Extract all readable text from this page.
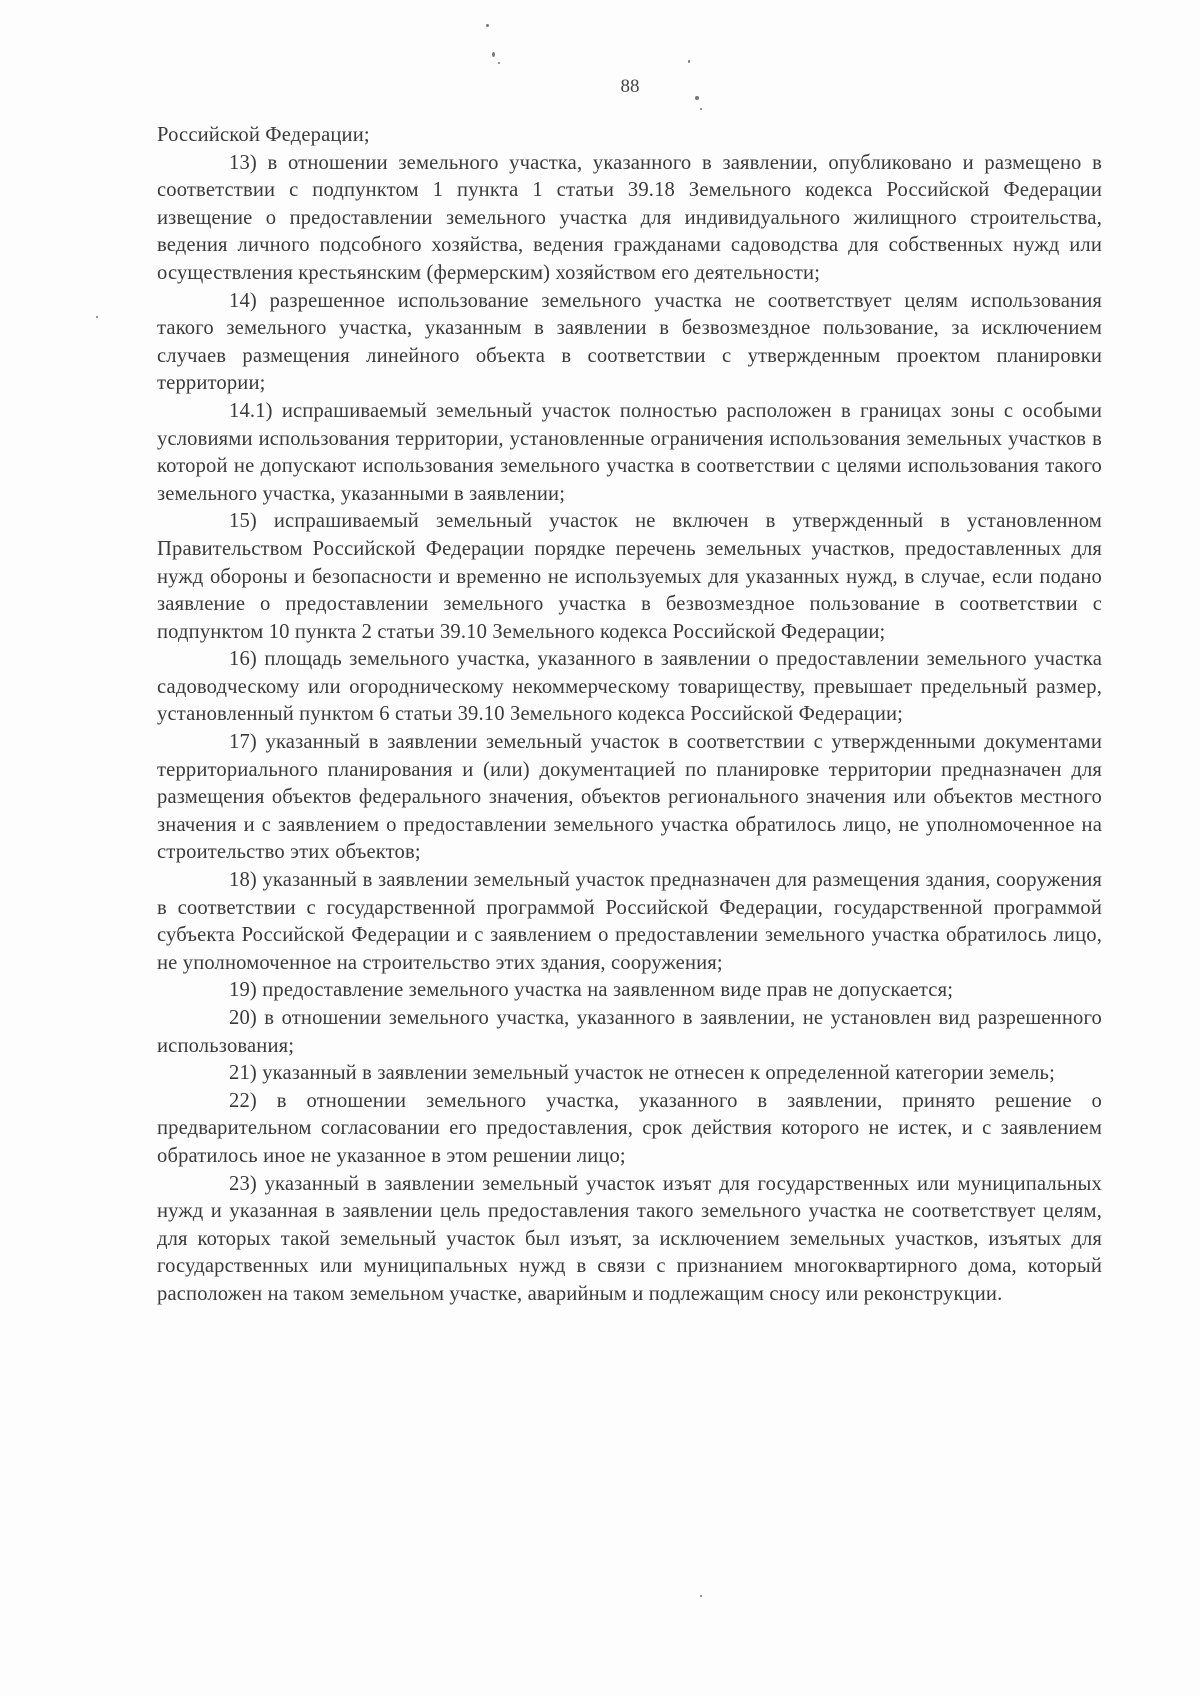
88

Российской Федерации;

13) в отношении земельного участка, указанного в заявлении, опубликовано и размещено в соответствии с подпунктом 1 пункта 1 статьи 39.18 Земельного кодекса Российской Федерации извещение о предоставлении земельного участка для индивидуального жилищного строительства, ведения личного подсобного хозяйства, ведения гражданами садоводства для собственных нужд или осуществления крестьянским (фермерским) хозяйством его деятельности;

14) разрешенное использование земельного участка не соответствует целям использования такого земельного участка, указанным в заявлении в безвозмездное пользование, за исключением случаев размещения линейного объекта в соответствии с утвержденным проектом планировки территории;

14.1) испрашиваемый земельный участок полностью расположен в границах зоны с особыми условиями использования территории, установленные ограничения использования земельных участков в которой не допускают использования земельного участка в соответствии с целями использования такого земельного участка, указанными в заявлении;

15) испрашиваемый земельный участок не включен в утвержденный в установленном Правительством Российской Федерации порядке перечень земельных участков, предоставленных для нужд обороны и безопасности и временно не используемых для указанных нужд, в случае, если подано заявление о предоставлении земельного участка в безвозмездное пользование в соответствии с подпунктом 10 пункта 2 статьи 39.10 Земельного кодекса Российской Федерации;

16) площадь земельного участка, указанного в заявлении о предоставлении земельного участка садоводческому или огородническому некоммерческому товариществу, превышает предельный размер, установленный пунктом 6 статьи 39.10 Земельного кодекса Российской Федерации;

17) указанный в заявлении земельный участок в соответствии с утвержденными документами территориального планирования и (или) документацией по планировке территории предназначен для размещения объектов федерального значения, объектов регионального значения или объектов местного значения и с заявлением о предоставлении земельного участка обратилось лицо, не уполномоченное на строительство этих объектов;

18) указанный в заявлении земельный участок предназначен для размещения здания, сооружения в соответствии с государственной программой Российской Федерации, государственной программой субъекта Российской Федерации и с заявлением о предоставлении земельного участка обратилось лицо, не уполномоченное на строительство этих здания, сооружения;

19) предоставление земельного участка на заявленном виде прав не допускается;

20) в отношении земельного участка, указанного в заявлении, не установлен вид разрешенного использования;

21) указанный в заявлении земельный участок не отнесен к определенной категории земель;

22) в отношении земельного участка, указанного в заявлении, принято решение о предварительном согласовании его предоставления, срок действия которого не истек, и с заявлением обратилось иное не указанное в этом решении лицо;

23) указанный в заявлении земельный участок изъят для государственных или муниципальных нужд и указанная в заявлении цель предоставления такого земельного участка не соответствует целям, для которых такой земельный участок был изъят, за исключением земельных участков, изъятых для государственных или муниципальных нужд в связи с признанием многоквартирного дома, который расположен на таком земельном участке, аварийным и подлежащим сносу или реконструкции.
